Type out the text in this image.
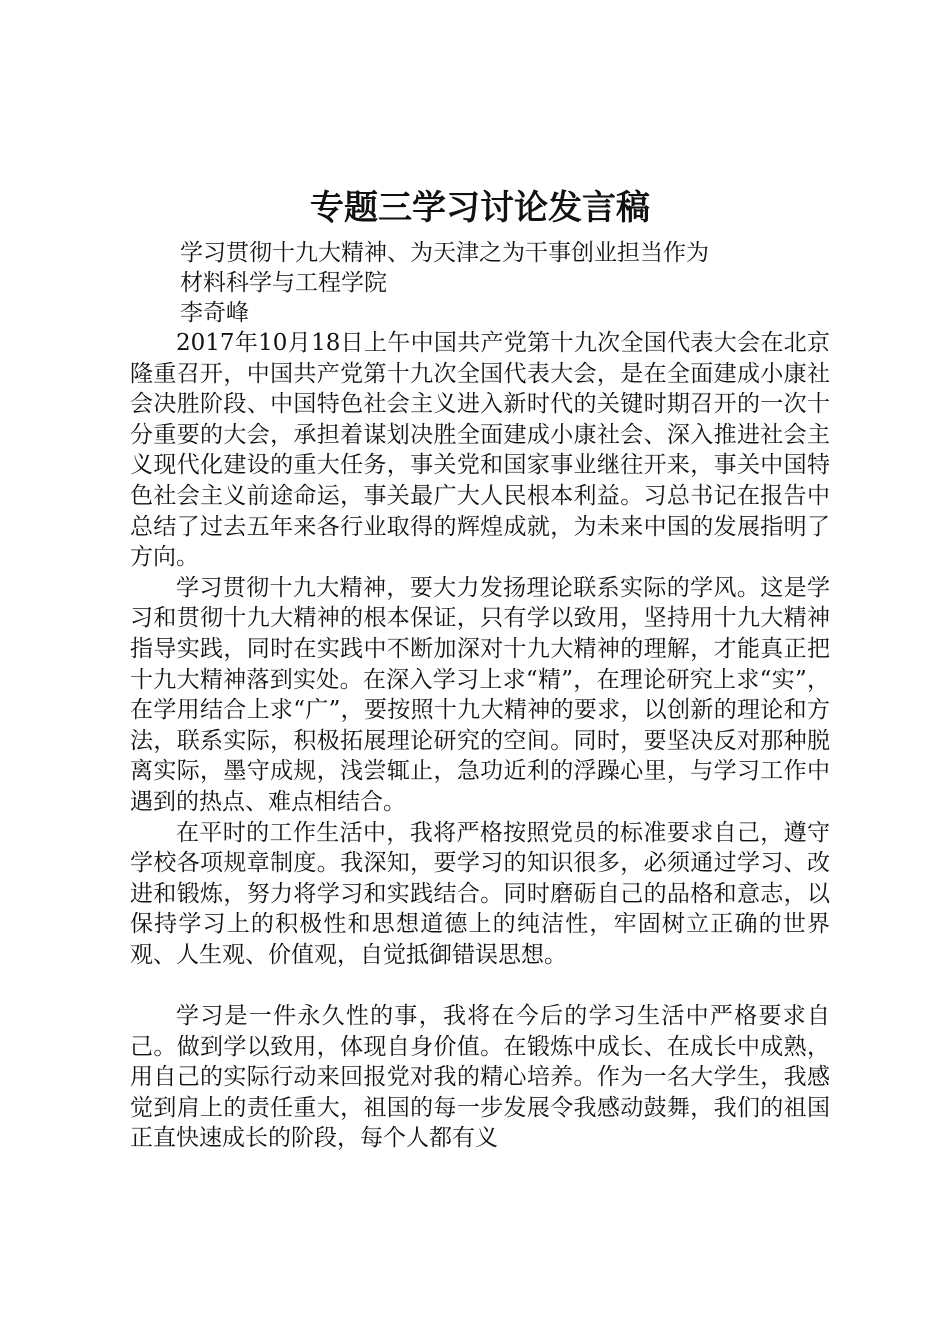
专题三学习讨论发言稿
学习贯彻十九大精神、为天津之为干事创业担当作为
材料科学与工程学院
李奇峰

2017年10月18日上午中国共产党第十九次全国代表大会在北京隆重召开，中国共产党第十九次全国代表大会，是在全面建成小康社会决胜阶段、中国特色社会主义进入新时代的关键时期召开的一次十分重要的大会，承担着谋划决胜全面建成小康社会、深入推进社会主义现代化建设的重大任务，事关党和国家事业继往开来，事关中国特色社会主义前途命运，事关最广大人民根本利益。习总书记在报告中总结了过去五年来各行业取得的辉煌成就，为未来中国的发展指明了方向。

学习贯彻十九大精神，要大力发扬理论联系实际的学风。这是学习和贯彻十九大精神的根本保证，只有学以致用，坚持用十九大精神指导实践，同时在实践中不断加深对十九大精神的理解，才能真正把十九大精神落到实处。在深入学习上求“精”，在理论研究上求“实”，在学用结合上求“广”，要按照十九大精神的要求，以创新的理论和方法，联系实际，积极拓展理论研究的空间。同时，要坚决反对那种脱离实际，墨守成规，浅尝辄止，急功近利的浮躁心里，与学习工作中遇到的热点、难点相结合。

在平时的工作生活中，我将严格按照党员的标准要求自己，遵守学校各项规章制度。我深知，要学习的知识很多，必须通过学习、改进和锻炼，努力将学习和实践结合。同时磨砺自己的品格和意志，以保持学习上的积极性和思想道德上的纯洁性，牢固树立正确的世界观、人生观、价值观，自觉抵御错误思想。

学习是一件永久性的事，我将在今后的学习生活中严格要求自己。做到学以致用，体现自身价值。在锻炼中成长、在成长中成熟，用自己的实际行动来回报党对我的精心培养。作为一名大学生，我感觉到肩上的责任重大，祖国的每一步发展令我感动鼓舞，我们的祖国正直快速成长的阶段，每个人都有义
